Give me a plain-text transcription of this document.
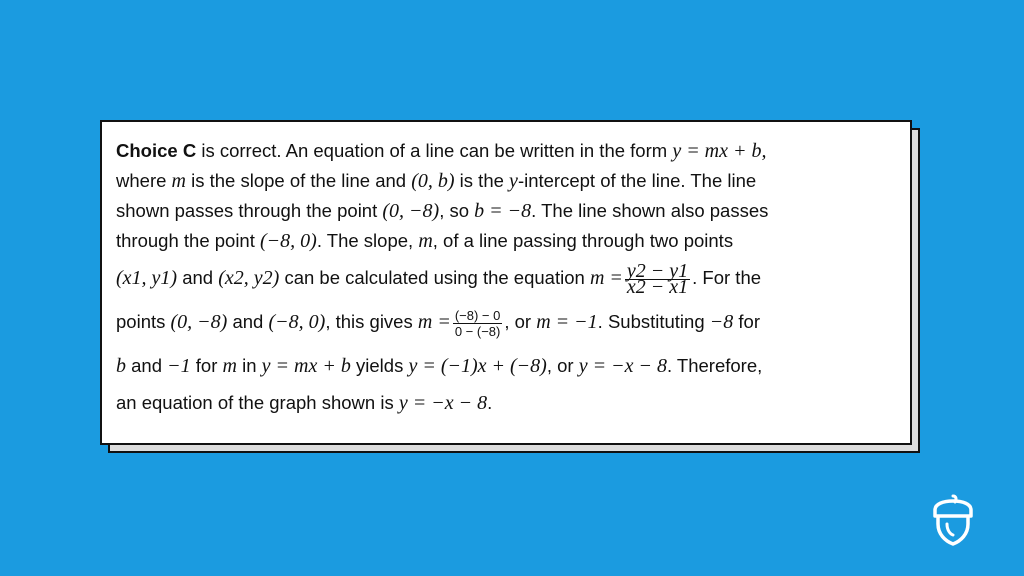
Choice C is correct. An equation of a line can be written in the form y = mx + b,
where m is the slope of the line and (0, b) is the y-intercept of the line. The line
shown passes through the point (0, −8), so b = −8. The line shown also passes
through the point (−8, 0). The slope, m, of a line passing through two points
(x1, y1) and (x2, y2) can be calculated using the equation $m = \frac{y2 - y1}{x2 - x1}$ . For the
points (0, −8) and (−8, 0), this gives $m = \frac{(-8) - 0}{0 - (-8)}$ , or m = −1. Substituting −8 for
b and −1 for m in y = mx + b yields y = (−1)x + (−8), or y = −x − 8. Therefore,
an equation of the graph shown is y = −x − 8.
